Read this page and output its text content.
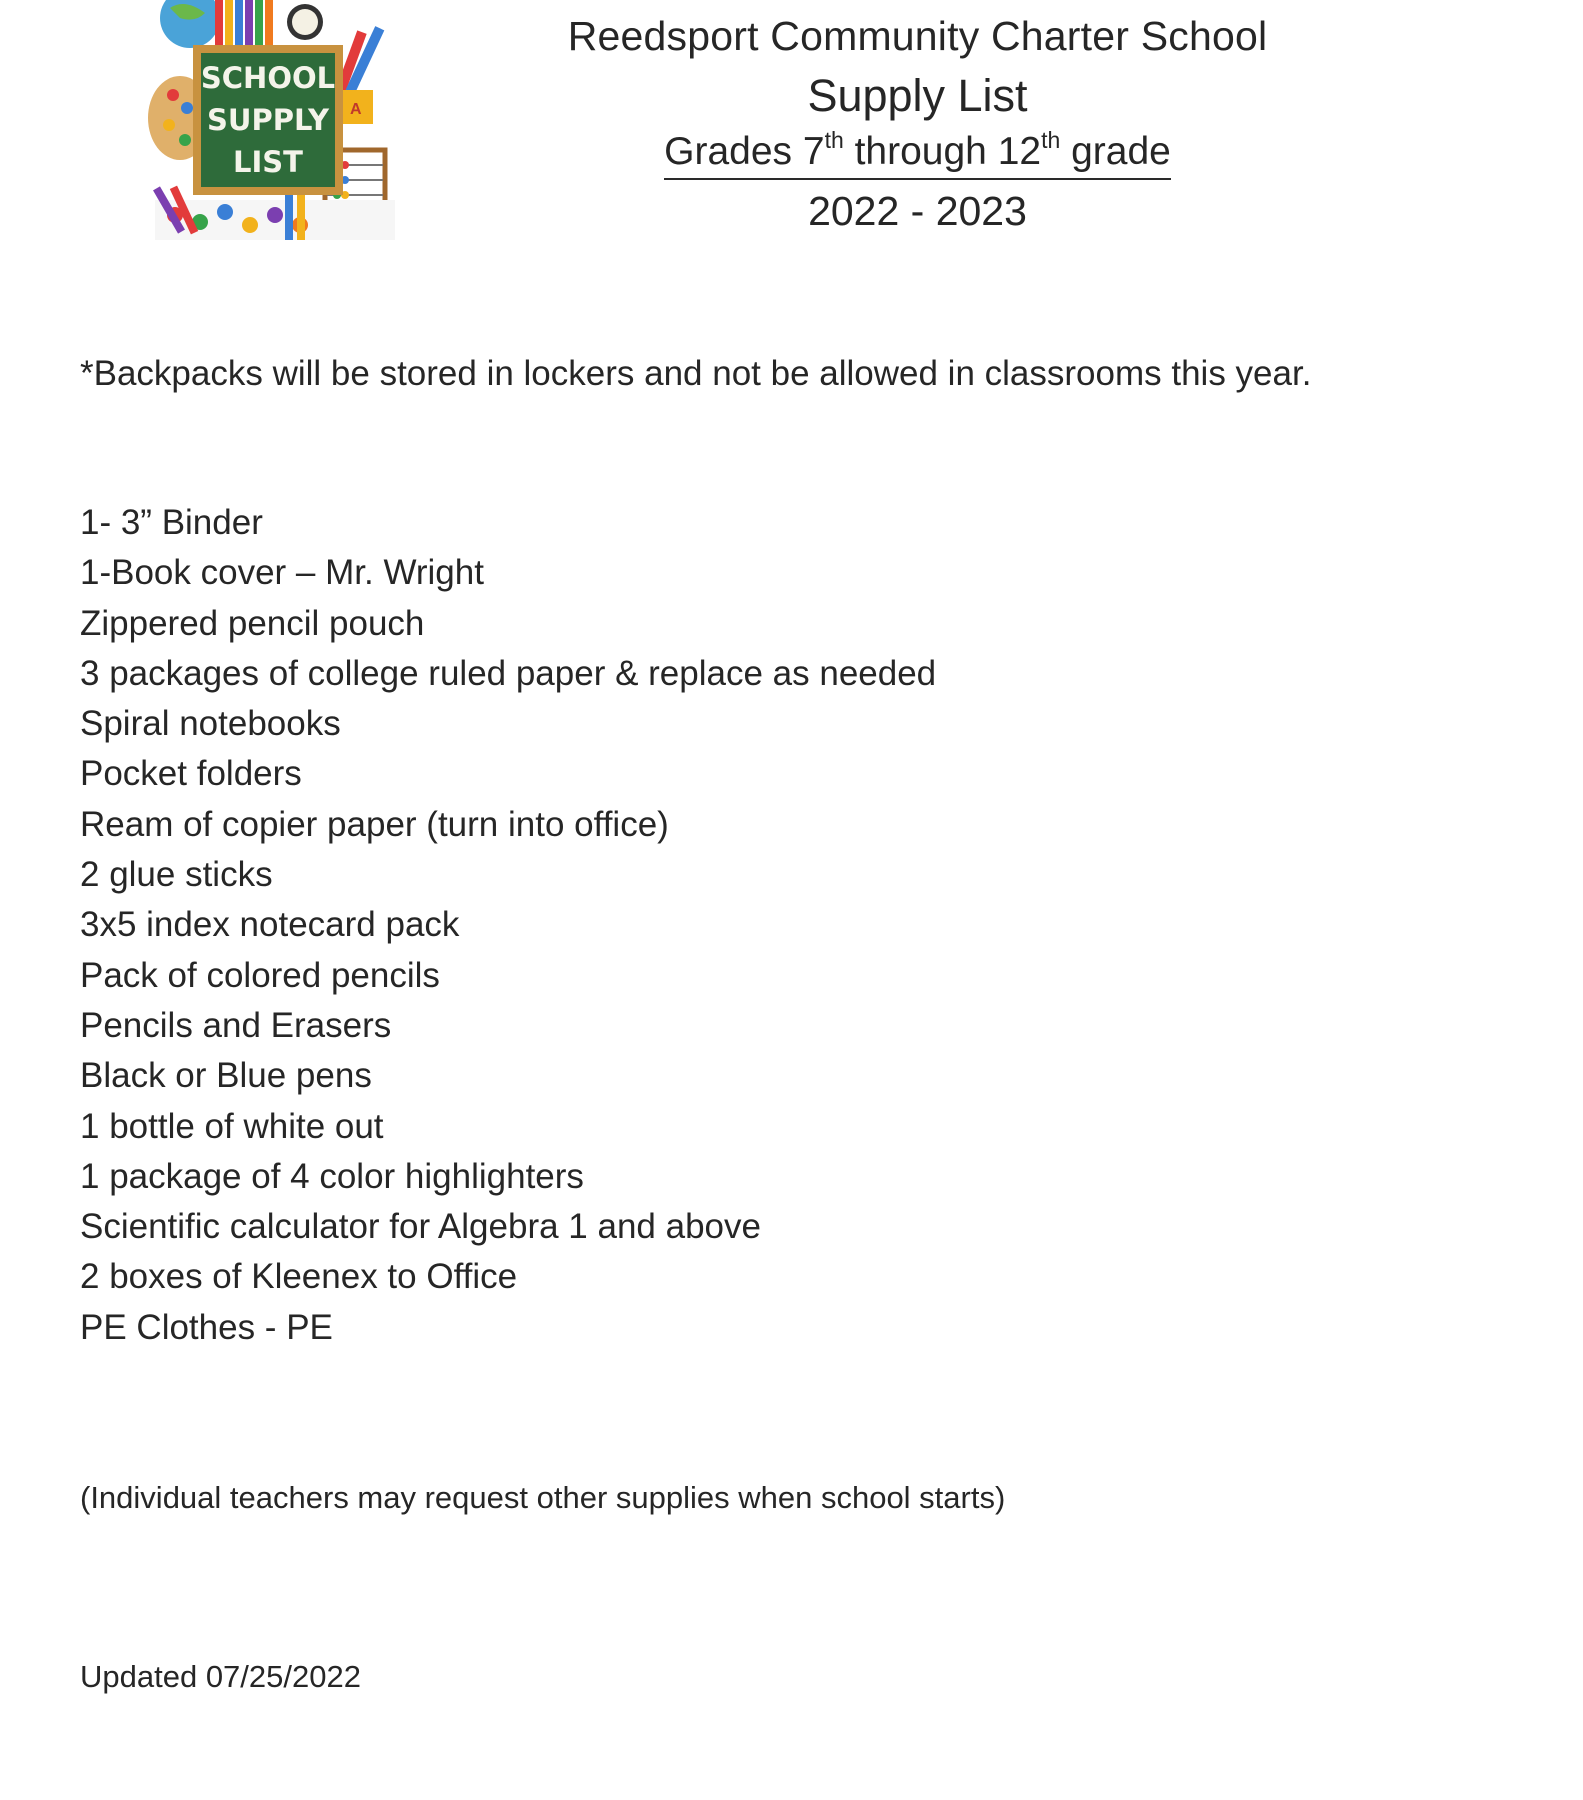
A
SCHOOL
SUPPLY
LIST
Reedsport Community Charter School
Supply List
Grades 7th through 12th grade
2022 - 2023
*Backpacks will be stored in lockers and not be allowed in classrooms this year.
1- 3” Binder
1-Book cover – Mr. Wright
Zippered pencil pouch
3 packages of college ruled paper & replace as needed
Spiral notebooks
Pocket folders
Ream of copier paper (turn into office)
2 glue sticks
3x5 index notecard pack
Pack of colored pencils
Pencils and Erasers
Black or Blue pens
1 bottle of white out
1 package of 4 color highlighters
Scientific calculator for Algebra 1 and above
2 boxes of Kleenex to Office
PE Clothes - PE
(Individual teachers may request other supplies when school starts)
Updated 07/25/2022
